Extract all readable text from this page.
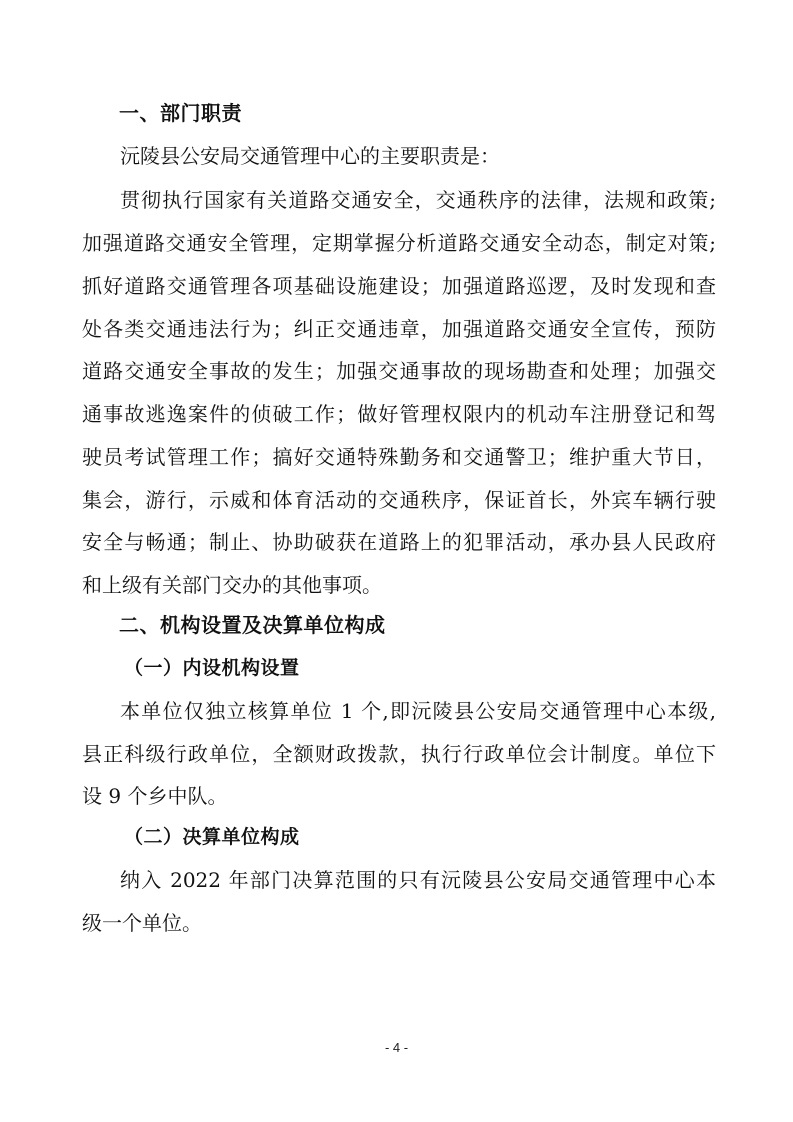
一、部门职责
沅陵县公安局交通管理中心的主要职责是：
贯彻执行国家有关道路交通安全，交通秩序的法律，法规和政策;
加强道路交通安全管理，定期掌握分析道路交通安全动态，制定对策;
抓好道路交通管理各项基础设施建设；加强道路巡逻，及时发现和查
处各类交通违法行为；纠正交通违章，加强道路交通安全宣传，预防
道路交通安全事故的发生；加强交通事故的现场勘查和处理；加强交
通事故逃逸案件的侦破工作；做好管理权限内的机动车注册登记和驾
驶员考试管理工作；搞好交通特殊勤务和交通警卫；维护重大节日，
集会，游行，示威和体育活动的交通秩序，保证首长，外宾车辆行驶
安全与畅通；制止、协助破获在道路上的犯罪活动，承办县人民政府
和上级有关部门交办的其他事项。
二、机构设置及决算单位构成
（一）内设机构设置
本单位仅独立核算单位 1 个,即沅陵县公安局交通管理中心本级,
县正科级行政单位，全额财政拨款，执行行政单位会计制度。单位下
设 9 个乡中队。
（二）决算单位构成
纳入 2022 年部门决算范围的只有沅陵县公安局交通管理中心本
级一个单位。
- 4 -
